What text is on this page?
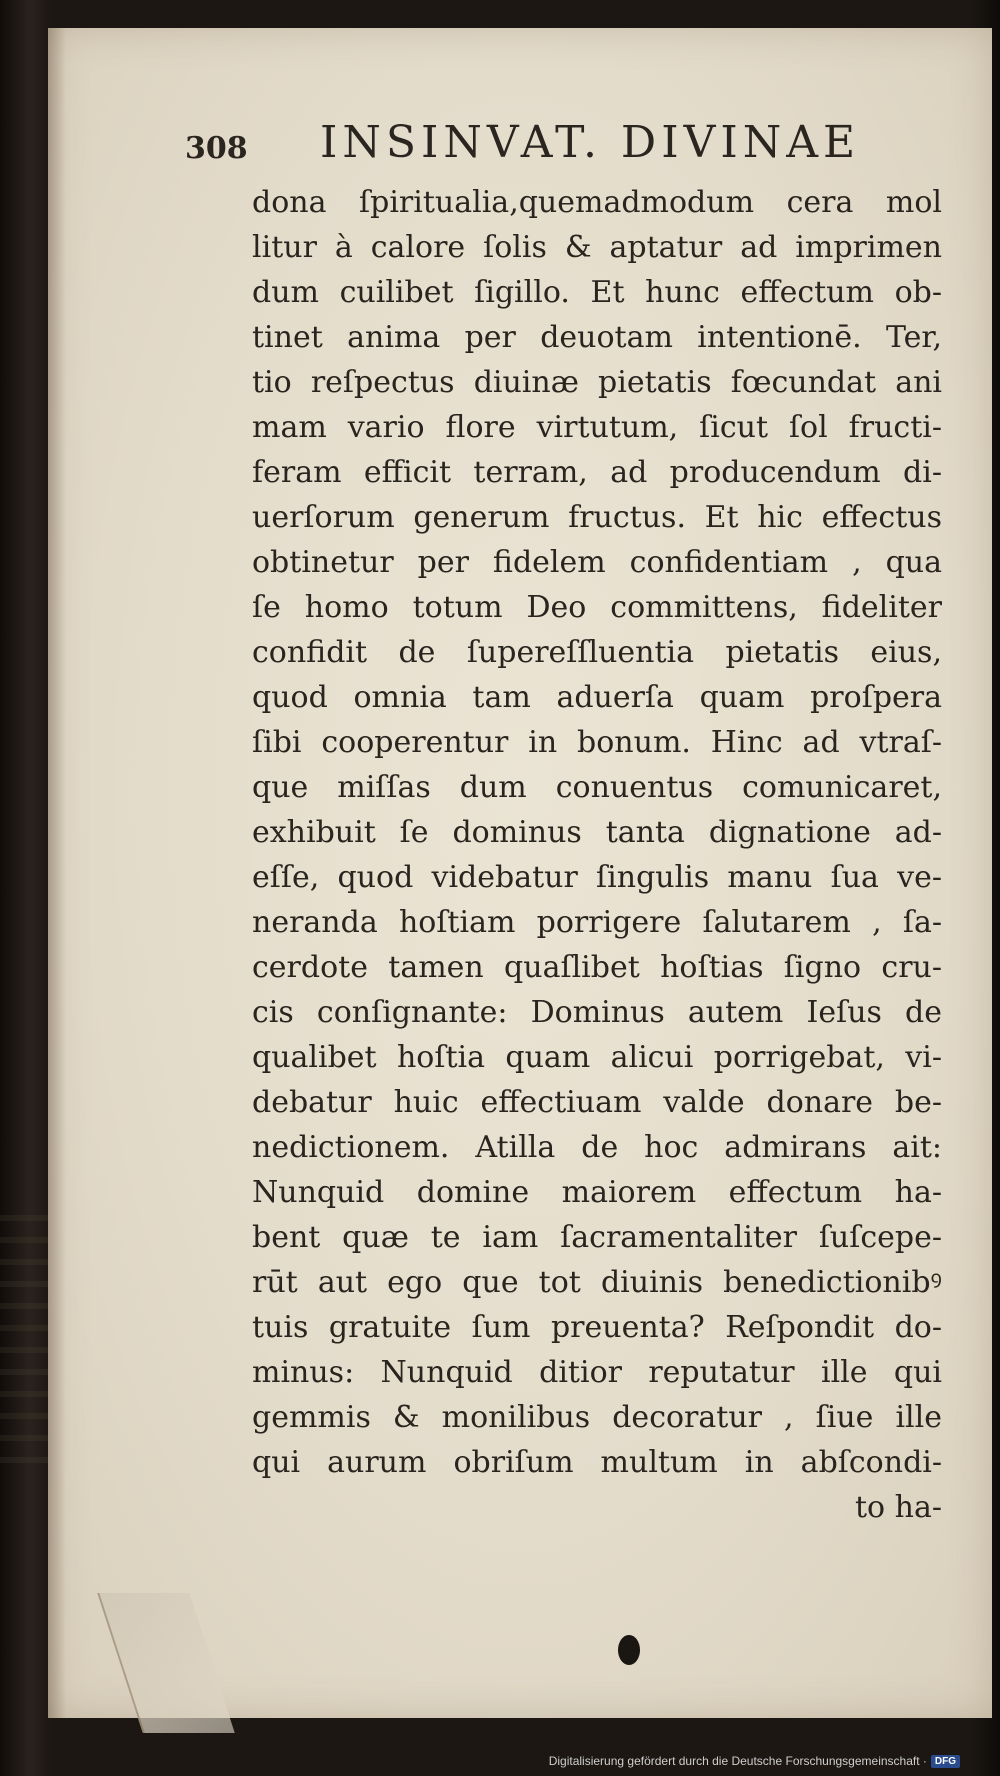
308 INSINVAT. DIVINAE
dona ſpiritualia,quemadmodum cera mol
litur à calore ſolis & aptatur ad imprimen
dum cuilibet ſigillo. Et hunc effectum ob-
tinet anima per deuotam intentionē. Ter,
tio reſpectus diuinæ pietatis fœcundat ani
mam vario flore virtutum, ſicut ſol fructi-
feram efficit terram, ad producendum di-
uerſorum generum fructus. Et hic effectus
obtinetur per fidelem confidentiam , qua
ſe homo totum Deo committens, fideliter
confidit de ſupereſſluentia pietatis eius,
quod omnia tam aduerſa quam proſpera
ſibi cooperentur in bonum. Hinc ad vtraſ-
que miſſas dum conuentus comunicaret,
exhibuit ſe dominus tanta dignatione ad-
eſſe, quod videbatur ſingulis manu ſua ve-
neranda hoſtiam porrigere ſalutarem , ſa-
cerdote tamen quaſlibet hoſtias ſigno cru-
cis conſignante: Dominus autem Ieſus de
qualibet hoſtia quam alicui porrigebat, vi-
debatur huic effectiuam valde donare be-
nedictionem. Atilla de hoc admirans ait:
Nunquid domine maiorem effectum ha-
bent quæ te iam ſacramentaliter ſuſcepe-
rūt aut ego que tot diuinis benedictionibꝰ
tuis gratuite ſum preuenta? Reſpondit do-
minus: Nunquid ditior reputatur ille qui
gemmis & monilibus decoratur , ſiue ille
qui aurum obriſum multum in abſcondi-
to ha-
Digitalisierung gefördert durch die Deutsche Forschungsgemeinschaft · DFG
